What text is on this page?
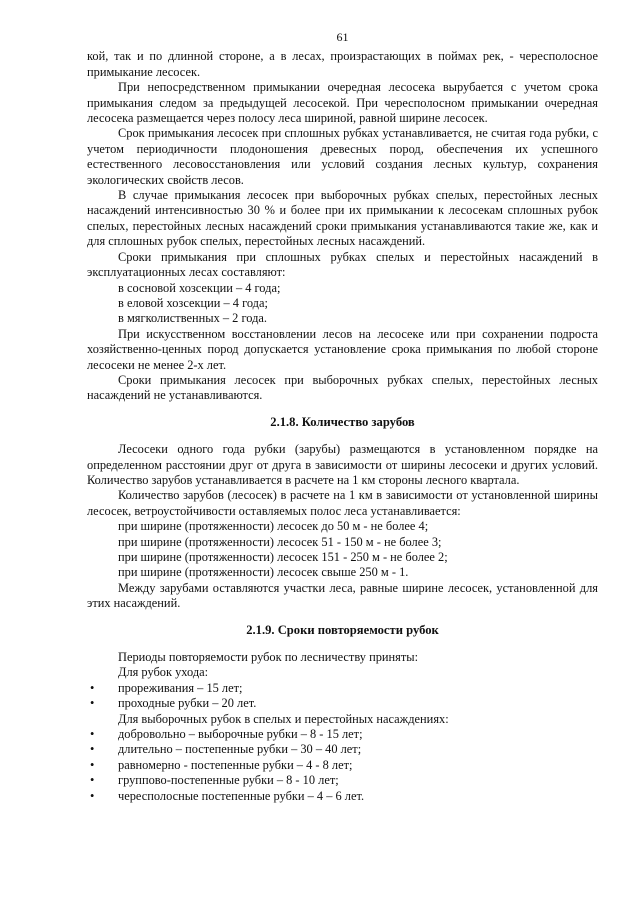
61

кой, так и по длинной стороне, а в лесах, произрастающих в поймах рек, - чересполосное примыкание лесосек.

При непосредственном примыкании очередная лесосека вырубается с учетом срока примыкания следом за предыдущей лесосекой. При чересполосном примыкании очередная лесосека размещается через полосу леса шириной, равной ширине лесосек.

Срок примыкания лесосек при сплошных рубках устанавливается, не считая года рубки, с учетом периодичности плодоношения древесных пород, обеспечения их успешного естественного лесовосстановления или условий создания лесных культур, сохранения экологических свойств лесов.

В случае примыкания лесосек при выборочных рубках спелых, перестойных лесных насаждений интенсивностью 30 % и более при их примыкании к лесосекам сплошных рубок спелых, перестойных лесных насаждений сроки примыкания устанавливаются такие же, как и для сплошных рубок спелых, перестойных лесных насаждений.

Сроки примыкания при сплошных рубках спелых и перестойных насаждений в эксплуатационных лесах составляют:

в сосновой хозсекции – 4 года;

в еловой хозсекции – 4 года;

в мягколиственных – 2 года.

При искусственном восстановлении лесов на лесосеке или при сохранении подроста хозяйственно-ценных пород допускается установление срока примыкания по любой стороне лесосеки не менее 2-х лет.

Сроки примыкания лесосек при выборочных рубках спелых, перестойных лесных насаждений не устанавливаются.

2.1.8. Количество зарубов

Лесосеки одного года рубки (зарубы) размещаются в установленном порядке на определенном расстоянии друг от друга в зависимости от ширины лесосеки и других условий. Количество зарубов устанавливается в расчете на 1 км стороны лесного квартала.

Количество зарубов (лесосек) в расчете на 1 км в зависимости от установленной ширины лесосек, ветроустойчивости оставляемых полос леса устанавливается:

при ширине (протяженности) лесосек до 50 м - не более 4;

при ширине (протяженности) лесосек 51 - 150 м - не более 3;

при ширине (протяженности) лесосек 151 - 250 м - не более 2;

при ширине (протяженности) лесосек свыше 250 м - 1.

Между зарубами оставляются участки леса, равные ширине лесосек, установленной для этих насаждений.

2.1.9. Сроки повторяемости рубок

Периоды повторяемости рубок по лесничеству приняты:

Для рубок ухода:

• прореживания – 15 лет;
• проходные рубки – 20 лет.

Для выборочных рубок в спелых и перестойных насаждениях:

• добровольно – выборочные рубки – 8 - 15 лет;
• длительно – постепенные рубки – 30 – 40 лет;
• равномерно - постепенные рубки – 4 - 8 лет;
• группово-постепенные рубки – 8 - 10 лет;
• чересполосные постепенные рубки – 4 – 6 лет.
